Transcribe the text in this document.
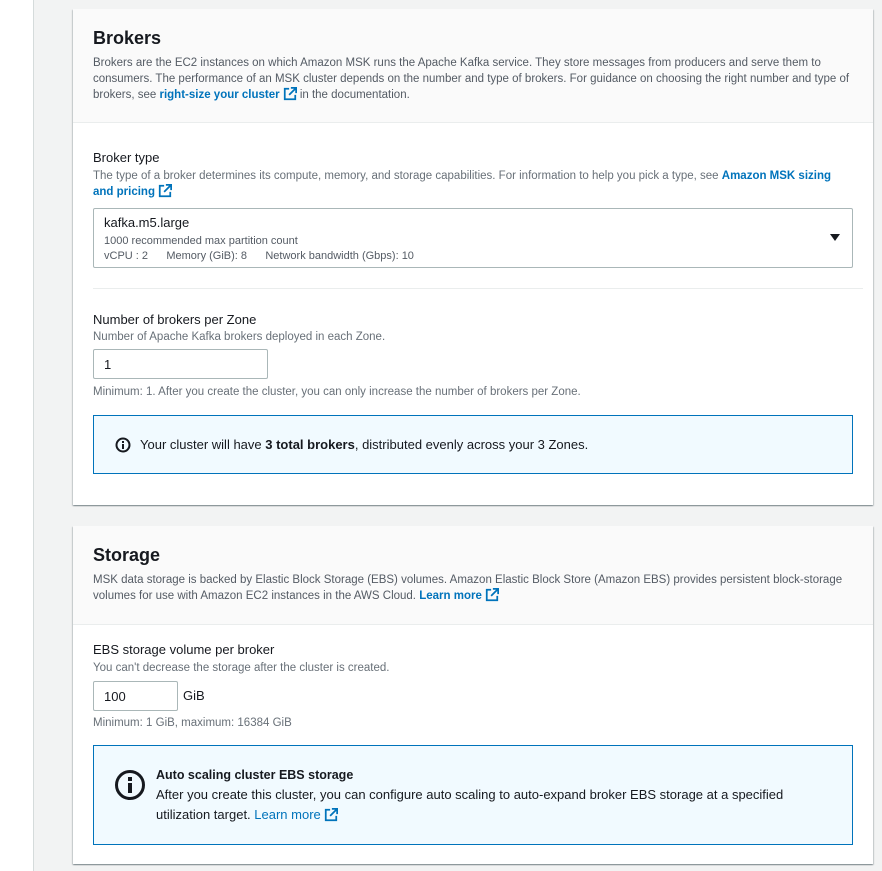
Brokers
Brokers are the EC2 instances on which Amazon MSK runs the Apache Kafka service. They store messages from producers and serve them to consumers. The performance of an MSK cluster depends on the number and type of brokers. For guidance on choosing the right number and type of brokers, see right-size your cluster in the documentation.
Broker type
The type of a broker determines its compute, memory, and storage capabilities. For information to help you pick a type, see Amazon MSK sizing and pricing
kafka.m5.large
1000 recommended max partition count
vCPU : 2      Memory (GiB): 8      Network bandwidth (Gbps): 10
Number of brokers per Zone
Number of Apache Kafka brokers deployed in each Zone.
1
Minimum: 1. After you create the cluster, you can only increase the number of brokers per Zone.
Your cluster will have 3 total brokers, distributed evenly across your 3 Zones.
Storage
MSK data storage is backed by Elastic Block Storage (EBS) volumes. Amazon Elastic Block Store (Amazon EBS) provides persistent block-storage volumes for use with Amazon EC2 instances in the AWS Cloud. Learn more
EBS storage volume per broker
You can't decrease the storage after the cluster is created.
100	GiB
Minimum: 1 GiB, maximum: 16384 GiB
Auto scaling cluster EBS storage
After you create this cluster, you can configure auto scaling to auto-expand broker EBS storage at a specified utilization target. Learn more
